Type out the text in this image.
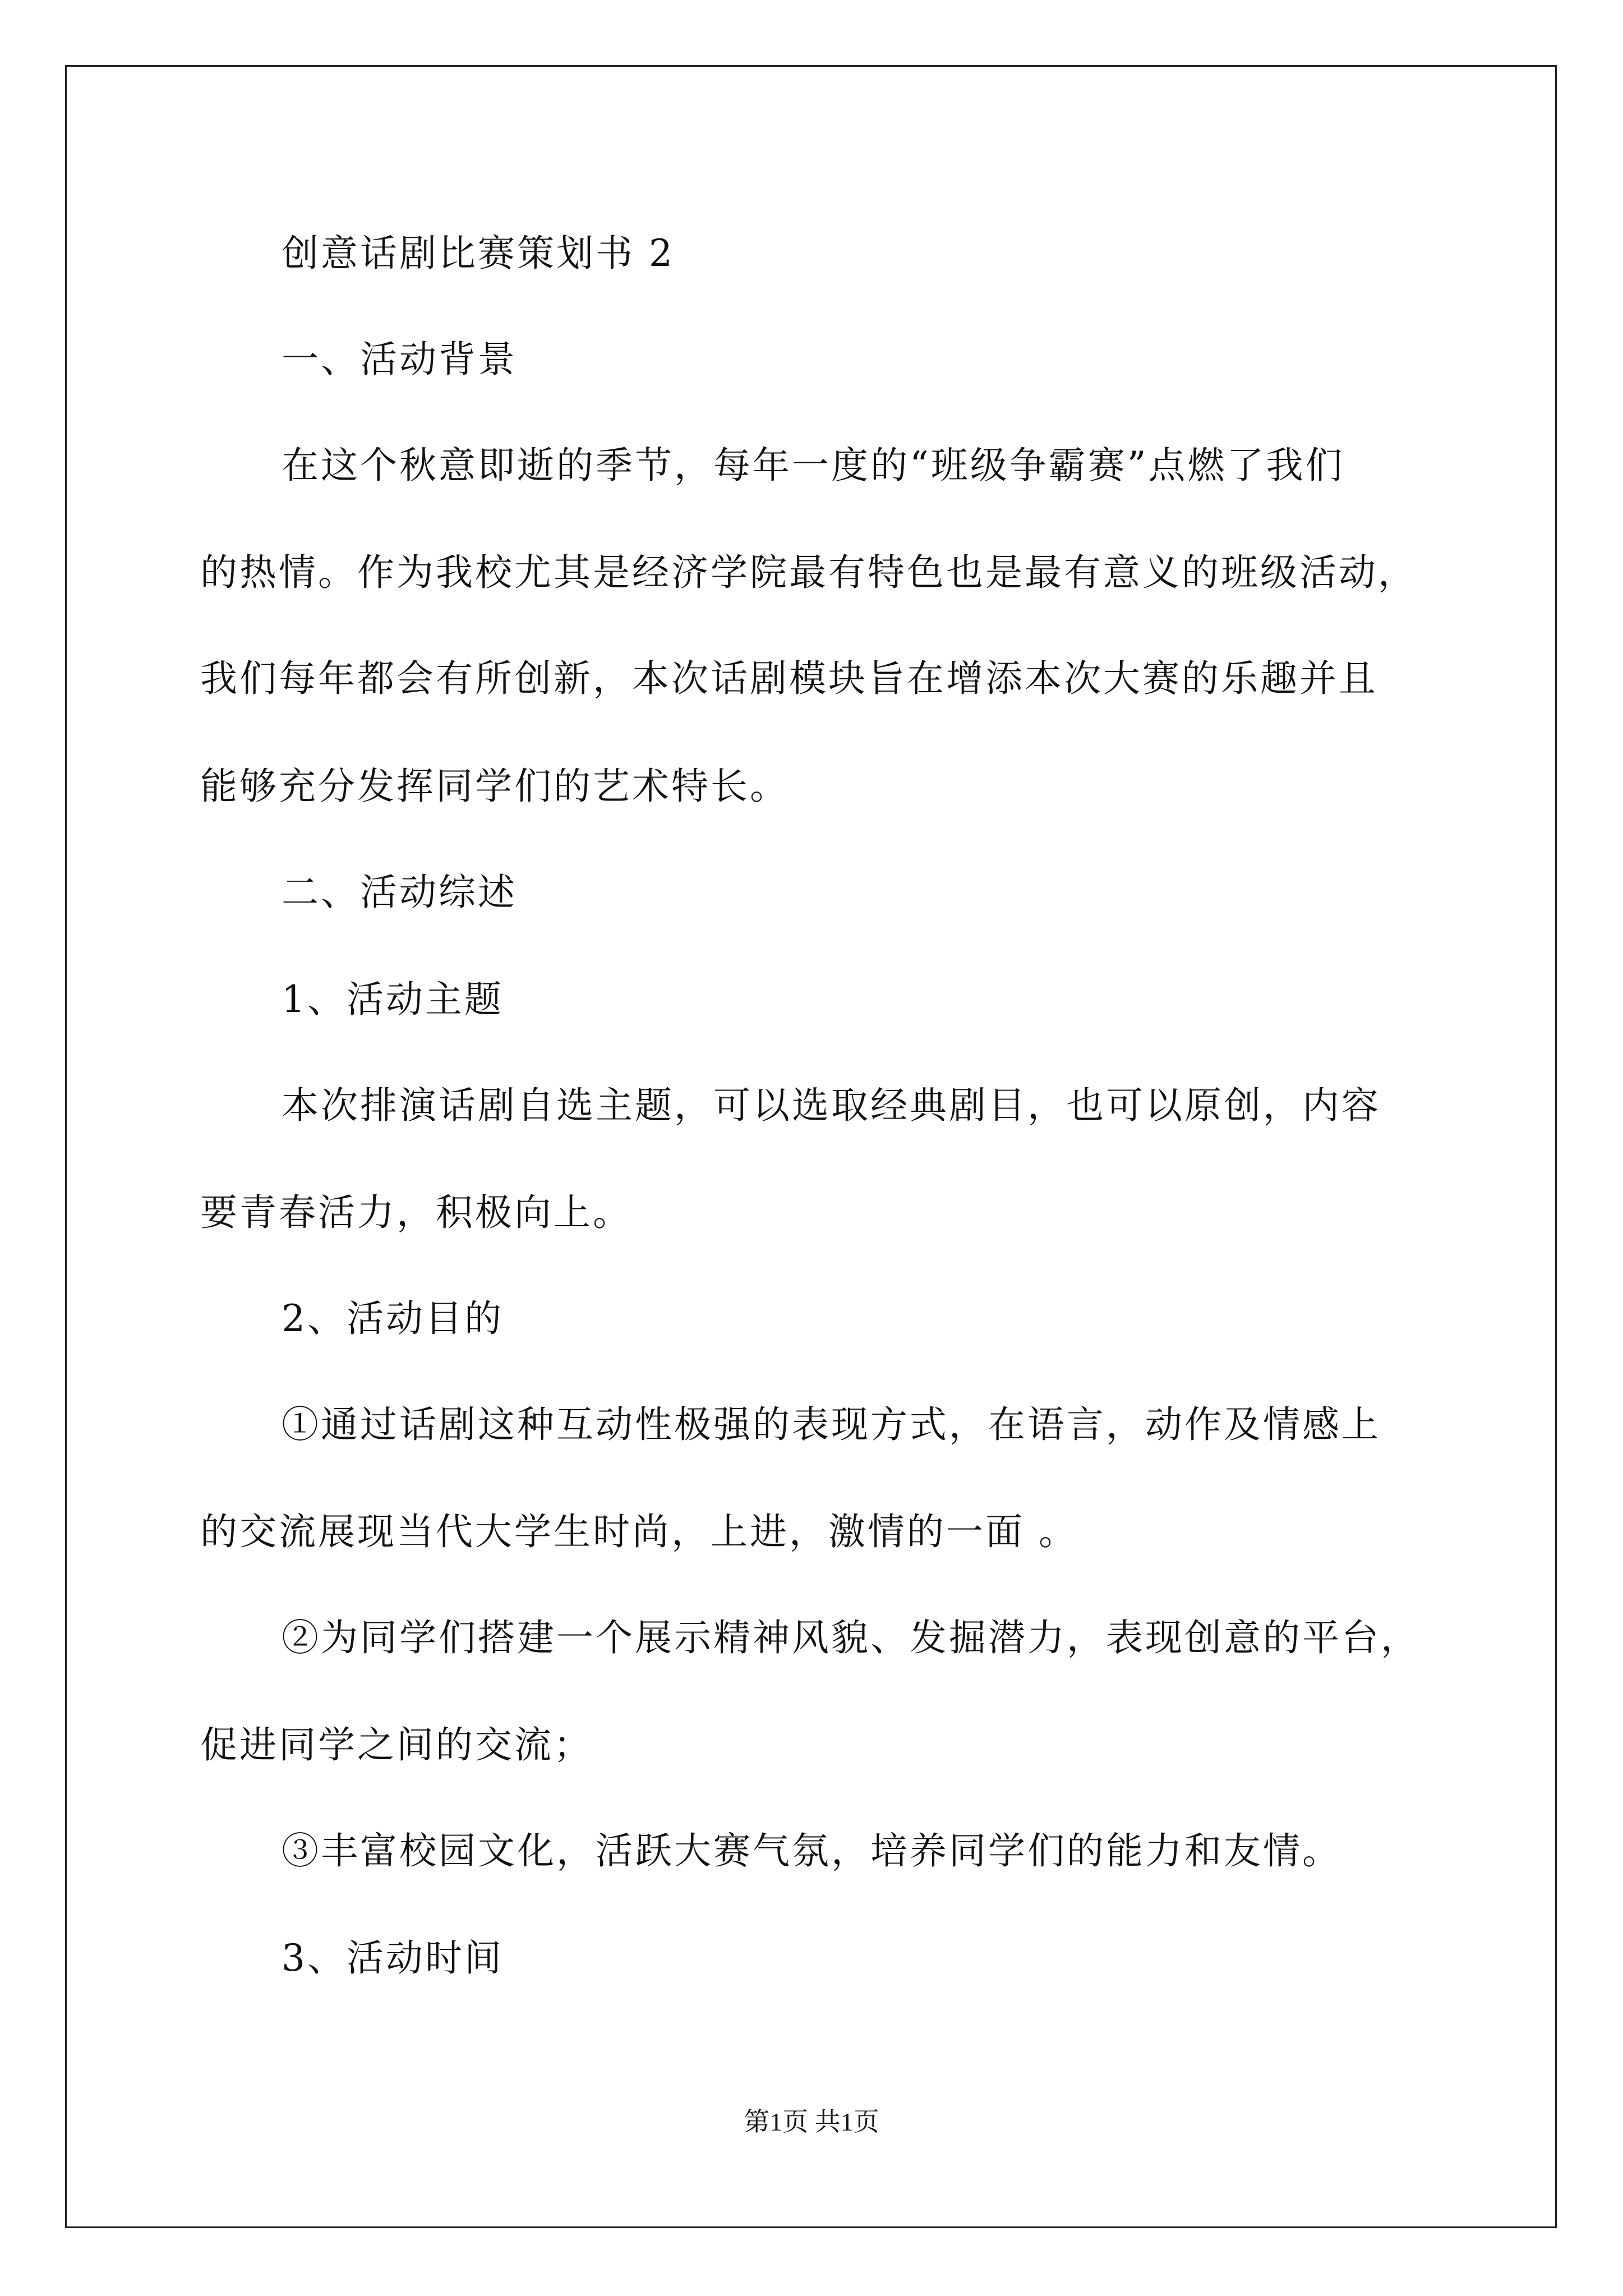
创意话剧比赛策划书 2
一、活动背景
在这个秋意即逝的季节，每年一度的“班级争霸赛”点燃了我们
的热情。作为我校尤其是经济学院最有特色也是最有意义的班级活动，
我们每年都会有所创新，本次话剧模块旨在增添本次大赛的乐趣并且
能够充分发挥同学们的艺术特长。
二、活动综述
1、活动主题
本次排演话剧自选主题，可以选取经典剧目，也可以原创，内容
要青春活力，积极向上。
2、活动目的
①通过话剧这种互动性极强的表现方式，在语言，动作及情感上
的交流展现当代大学生时尚，上进，激情的一面 。
②为同学们搭建一个展示精神风貌、发掘潜力，表现创意的平台，
促进同学之间的交流；
③丰富校园文化，活跃大赛气氛，培养同学们的能力和友情。
3、活动时间
第1页 共1页
